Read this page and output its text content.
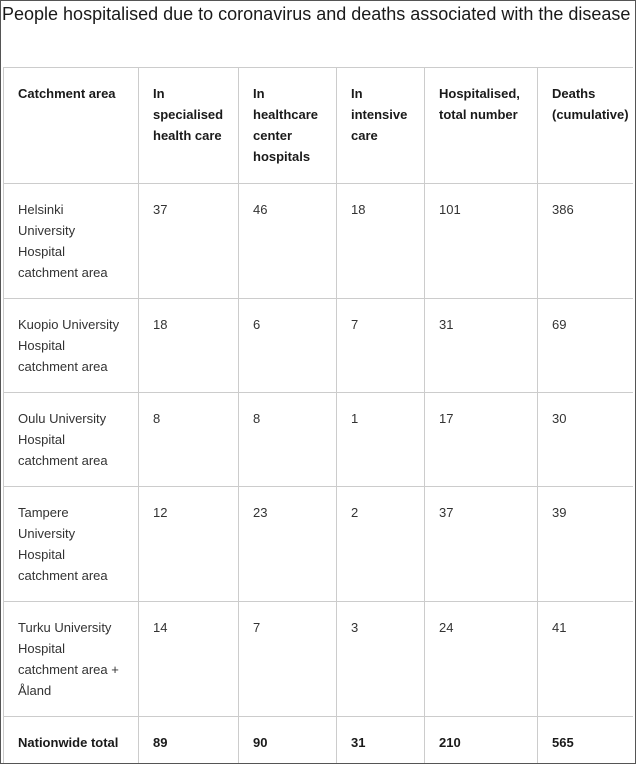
People hospitalised due to coronavirus and deaths associated with the disease
Catchment area	In specialised health care	In healthcare center hospitals	In intensive care	Hospitalised, total number	Deaths (cumulative)

Helsinki University Hospital catchment area	37	46	18	101	386
Kuopio University Hospital catchment area	18	6	7	31	69
Oulu University Hospital catchment area	8	8	1	17	30
Tampere University Hospital catchment area	12	23	2	37	39
Turku University Hospital catchment area + Åland	14	7	3	24	41
Nationwide total	89	90	31	210	565
